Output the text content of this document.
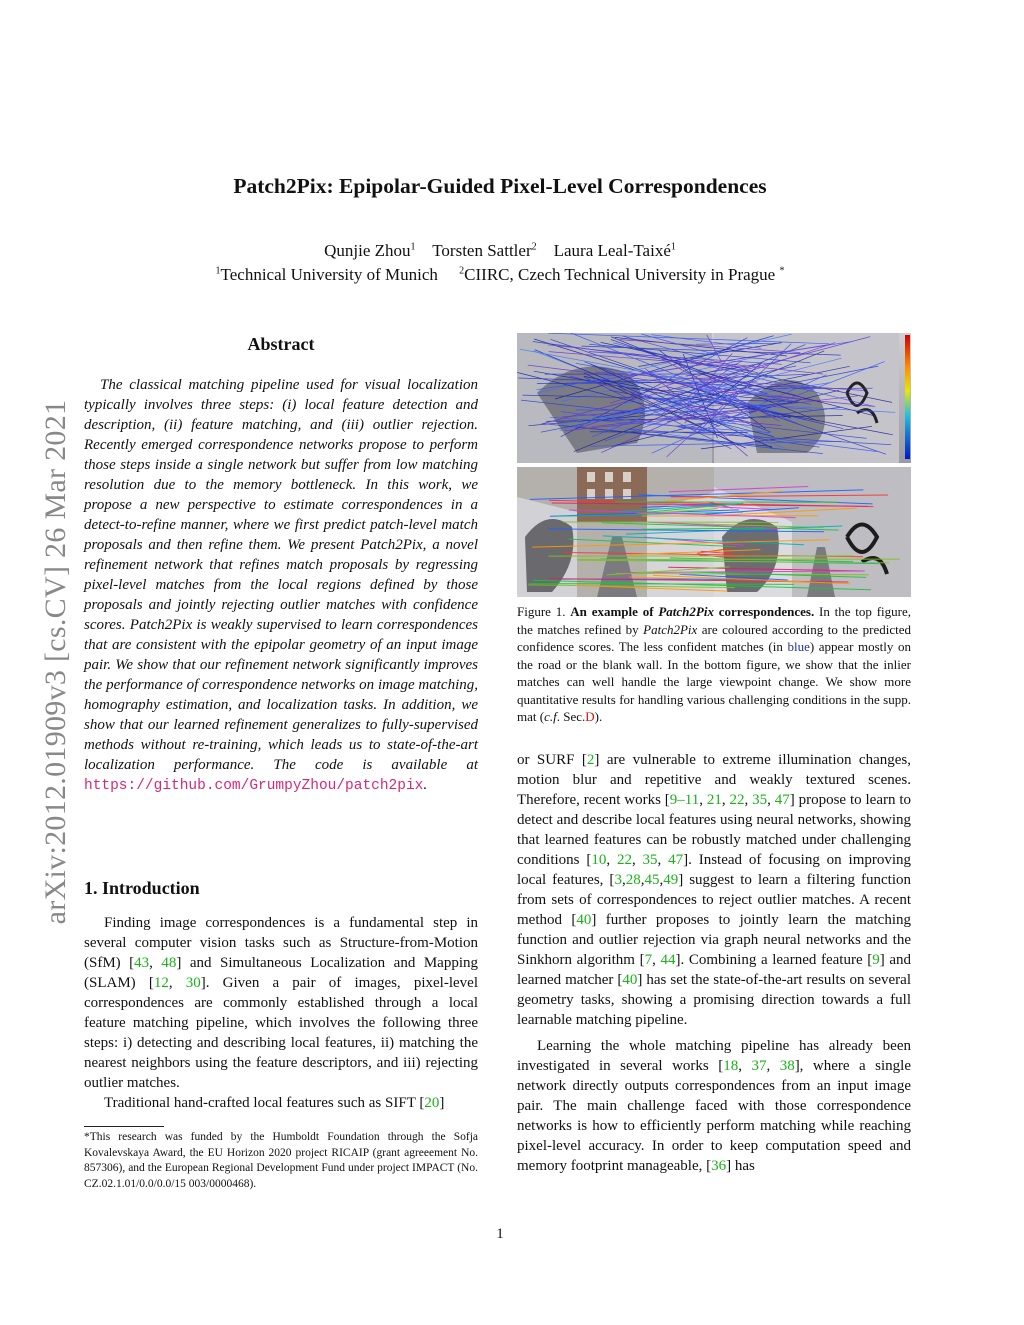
arXiv:2012.01909v3 [cs.CV] 26 Mar 2021
Patch2Pix: Epipolar-Guided Pixel-Level Correspondences
Qunjie Zhou$^1$ Torsten Sattler$^2$ Laura Leal-Taixé$^1$
$^1$Technical University of Munich $^2$CIIRC, Czech Technical University in Prague *
Abstract
The classical matching pipeline used for visual localization typically involves three steps: (i) local feature detection and description, (ii) feature matching, and (iii) outlier rejection. Recently emerged correspondence networks propose to perform those steps inside a single network but suffer from low matching resolution due to the memory bottleneck. In this work, we propose a new perspective to estimate correspondences in a detect-to-refine manner, where we first predict patch-level match proposals and then refine them. We present Patch2Pix, a novel refinement network that refines match proposals by regressing pixel-level matches from the local regions defined by those proposals and jointly rejecting outlier matches with confidence scores. Patch2Pix is weakly supervised to learn correspondences that are consistent with the epipolar geometry of an input image pair. We show that our refinement network significantly improves the performance of correspondence networks on image matching, homography estimation, and localization tasks. In addition, we show that our learned refinement generalizes to fully-supervised methods without re-training, which leads us to state-of-the-art localization performance. The code is available at https://github.com/GrumpyZhou/patch2pix.
1. Introduction

Finding image correspondences is a fundamental step in several computer vision tasks such as Structure-from-Motion (SfM) [43, 48] and Simultaneous Localization and Mapping (SLAM) [12, 30]. Given a pair of images, pixel-level correspondences are commonly established through a local feature matching pipeline, which involves the following three steps: i) detecting and describing local features, ii) matching the nearest neighbors using the feature descriptors, and iii) rejecting outlier matches.

Traditional hand-crafted local features such as SIFT [20]

*This research was funded by the Humboldt Foundation through the Sofja Kovalevskaya Award, the EU Horizon 2020 project RICAIP (grant agreeement No. 857306), and the European Regional Development Fund under project IMPACT (No. CZ.02.1.01/0.0/0.0/15 003/0000468).
Figure 1. An example of Patch2Pix correspondences. In the top figure, the matches refined by Patch2Pix are coloured according to the predicted confidence scores. The less confident matches (in blue) appear mostly on the road or the blank wall. In the bottom figure, we show that the inlier matches can well handle the large viewpoint change. We show more quantitative results for handling various challenging conditions in the supp. mat (c.f. Sec.D).

or SURF [2] are vulnerable to extreme illumination changes, motion blur and repetitive and weakly textured scenes. Therefore, recent works [9–11, 21, 22, 35, 47] propose to learn to detect and describe local features using neural networks, showing that learned features can be robustly matched under challenging conditions [10, 22, 35, 47]. Instead of focusing on improving local features, [3,28,45,49] suggest to learn a filtering function from sets of correspondences to reject outlier matches. A recent method [40] further proposes to jointly learn the matching function and outlier rejection via graph neural networks and the Sinkhorn algorithm [7, 44]. Combining a learned feature [9] and learned matcher [40] has set the state-of-the-art results on several geometry tasks, showing a promising direction towards a full learnable matching pipeline.

Learning the whole matching pipeline has already been investigated in several works [18, 37, 38], where a single network directly outputs correspondences from an input image pair. The main challenge faced with those correspondence networks is how to efficiently perform matching while reaching pixel-level accuracy. In order to keep computation speed and memory footprint manageable, [36] has

1
